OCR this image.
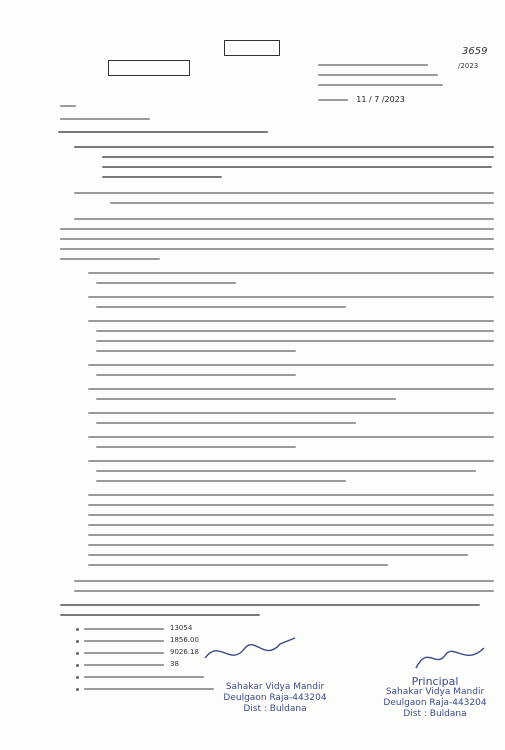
3659
11 / 7 /2023
/2023
13054
1856.00
9026.18
38
Sahakar Vidya Mandir
Deulgaon Raja-443204
Dist : Buldana
Principal
Sahakar Vidya Mandir
Deulgaon Raja-443204
Dist : Buldana
